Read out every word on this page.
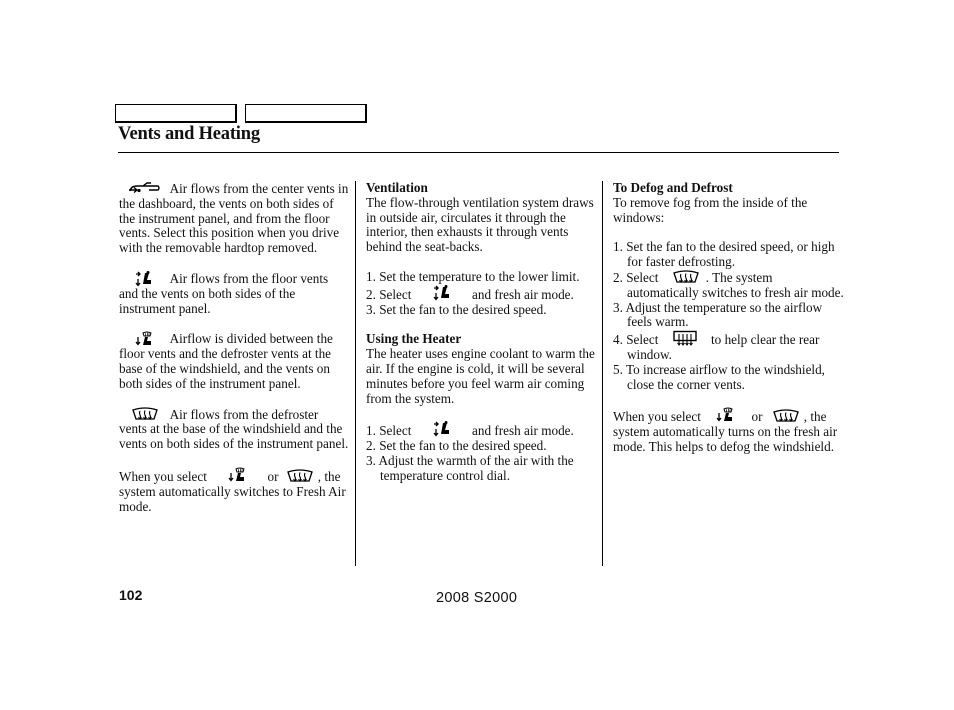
Vents and Heating

Air flows from the center vents in the dashboard, the vents on both sides of the instrument panel, and from the floor vents. Select this position when you drive with the removable hardtop removed.

Air flows from the floor vents and the vents on both sides of the instrument panel.

Airflow is divided between the floor vents and the defroster vents at the base of the windshield, and the vents on both sides of the instrument panel.

Air flows from the defroster vents at the base of the windshield and the vents on both sides of the instrument panel.

When you select	or	, the system automatically switches to Fresh Air mode.

Ventilation

The flow-through ventilation system draws in outside air, circulates it through the interior, then exhausts it through vents behind the seat-backs.

1. Set the temperature to the lower limit.

2. Select	and fresh air mode.

3. Set the fan to the desired speed.

Using the Heater

The heater uses engine coolant to warm the air. If the engine is cold, it will be several minutes before you feel warm air coming from the system.

1. Select	and fresh air mode.

2. Set the fan to the desired speed.

3. Adjust the warmth of the air with the temperature control dial.

To Defog and Defrost

To remove fog from the inside of the windows:

1. Set the fan to the desired speed, or high for faster defrosting.

2. Select	. The system automatically switches to fresh air mode.

3. Adjust the temperature so the airflow feels warm.

4. Select	to help clear the rear window.

5. To increase airflow to the windshield, close the corner vents.

When you select	or	, the system automatically turns on the fresh air mode. This helps to defog the windshield.

102	2008 S2000
